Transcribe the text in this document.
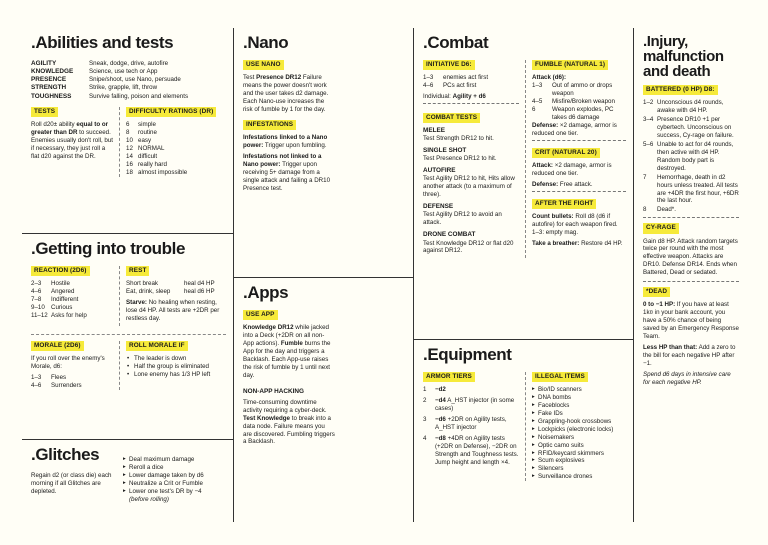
.Abilities and tests
AGILITY	Sneak, dodge, drive, autofire
KNOWLEDGE	Science, use tech or App
PRESENCE	Snipe/shoot, use Nano, persuade
STRENGTH	Strike, grapple, lift, throw
TOUGHNESS	Survive falling, poison and elements
TESTS

Roll d20± ability equal to or greater than DR to succeed. Enemies usually don't roll, but if necessary, they just roll a flat d20 against the DR.

DIFFICULTY RATINGS (DR)
6	simple
8	routine
10 easy
12 NORMAL
14 difficult
16 really hard
18 almost impossible
.Getting into trouble
REACTION (2D6)
2–3	Hostile
4–6	Angered
7–8	Indifferent
9–10	Curious
11–12 Asks for help
REST
Short break	heal d4 HP
Eat, drink, sleep	heal d6 HP

Starve: No healing when resting, lose d4 HP. All tests are +2DR per restless day.

MORALE (2D6)

If you roll over the enemy's Morale, d6:

1–3	Flees
4–6	Surrenders
ROLL MORALE IF
• The leader is down
• Half the group is eliminated
• Lone enemy has 1/3 HP left
.Glitches

Regain d2 (or class die) each morning if all Glitches are depleted.

▸ Deal maximum damage
▸ Reroll a dice
▸ Lower damage taken by d6
▸ Neutralize a Crit or Fumble
▸ Lower one test's DR by −4
(before rolling)
.Nano
USE NANO

Test Presence DR12 Failure means the power doesn't work and the user takes d2 damage. Each Nano-use increases the risk of fumble by 1 for the day.

INFESTATIONS

Infestations linked to a Nano power: Trigger upon fumbling.

Infestations not linked to a Nano power: Trigger upon receiving 5+ damage from a single attack and failing a DR10 Presence test.

.Apps
USE APP

Knowledge DR12 while jacked into a Deck (+2DR on all non-App actions). Fumble burns the App for the day and triggers a Backlash. Each App-use raises the risk of fumble by 1 until next day.

NON-APP HACKING

Time-consuming downtime activity requiring a cyber-deck. Test Knowledge to break into a data node. Failure means you are discovered. Fumbling triggers a Backlash.

.Combat
INITIATIVE D6:
1–3	enemies act first
4–6	PCs act first

Individual: Agility + d6

COMBAT TESTS
MELEE

Test Strength DR12 to hit.

SINGLE SHOT

Test Presence DR12 to hit.

AUTOFIRE

Test Agility DR12 to hit, Hits allow another attack (to a maximum of three).

DEFENSE

Test Agility DR12 to avoid an attack.

DRONE COMBAT

Test Knowledge DR12 or flat d20 against DR12.

FUMBLE (NATURAL 1)
Attack (d6):
1–3	Out of ammo or drops weapon
4–5	Misfire/Broken weapon
6	Weapon explodes, PC takes d6 damage

Defense: ×2 damage, armor is reduced one tier.

CRIT (NATURAL 20)

Attack: ×2 damage, armor is reduced one tier.

Defense: Free attack.

AFTER THE FIGHT

Count bullets: Roll d8 (d6 if autofire) for each weapon fired. 1–3: empty mag.

Take a breather: Restore d4 HP.

.Equipment
ARMOR TIERS
1	−d2
2	−d4 A_HST injector (in some cases)
3	−d6 +2DR on Agility tests, A_HST injector
4	−d8 +4DR on Agility tests (+2DR on Defense), −2DR on Strength and Toughness tests. Jump height and length ×4.
ILLEGAL ITEMS
▸ Bio/ID scanners
▸ DNA bombs
▸ Faceblocks
▸ Fake IDs
▸ Grappling-hook crossbows
▸ Lockpicks (electronic locks)
▸ Noisemakers
▸ Optic camo suits
▸ RFID/keycard skimmers
▸ Scum explosives
▸ Silencers
▸ Surveillance drones
.Injury, malfunction and death
BATTERED (0 HP) D8:
1–2 Unconscious d4 rounds, awake with d4 HP.
3–4 Presence DR10 +1 per cybertech. Unconscious on success, Cy-rage on failure.
5–6 Unable to act for d4 rounds, then active with d4 HP. Random body part is destroyed.
7	Hemorrhage, death in d2 hours unless treated. All tests are +4DR the first hour, +6DR the last hour.
8	Dead*.
CY-RAGE

Gain d8 HP. Attack random targets twice per round with the most effective weapon. Attacks are DR10. Defense DR14. Ends when Battered, Dead or sedated.

*DEAD

0 to −1 HP: If you have at least 1k¤ in your bank account, you have a 50% chance of being saved by an Emergency Response Team.

Less HP than that: Add a zero to the bill for each negative HP after −1.

Spend d6 days in intensive care for each negative HP.
